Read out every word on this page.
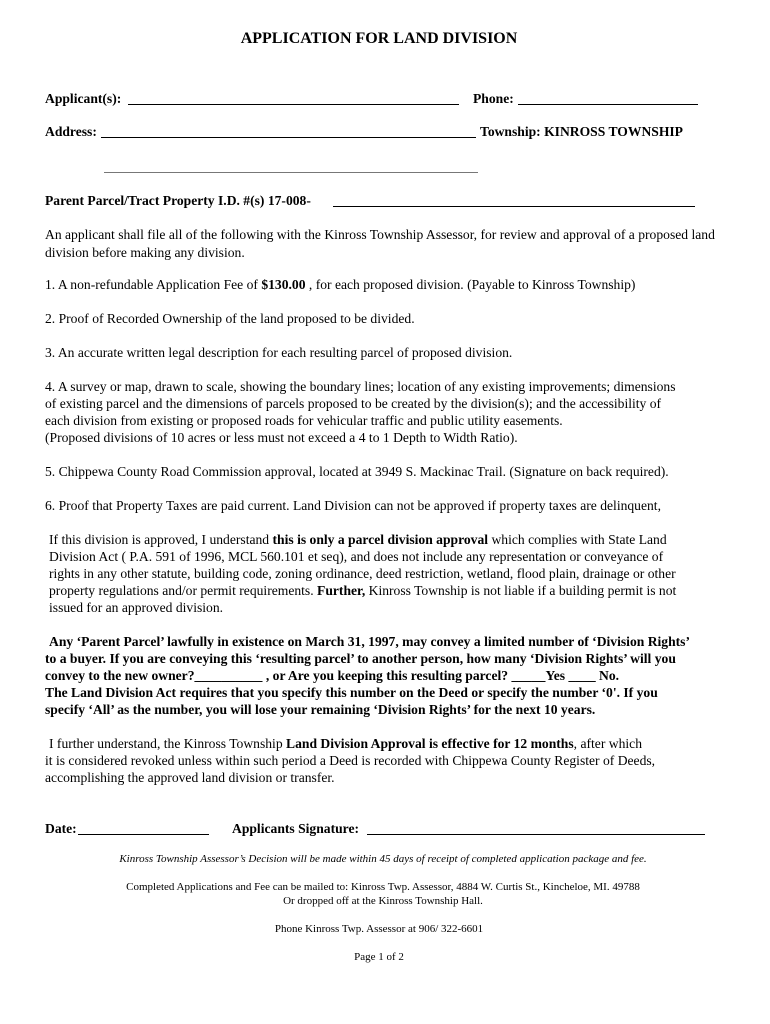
APPLICATION FOR LAND DIVISION
Applicant(s):	Phone:
Address:	Township: KINROSS TOWNSHIP
Parent Parcel/Tract Property I.D. #(s) 17-008-
An applicant shall file all of the following with the Kinross Township Assessor, for review and approval of a proposed land division before making any division.
1. A non-refundable Application Fee of $130.00 , for each proposed division. (Payable to Kinross Township)
2. Proof of Recorded Ownership of the land proposed to be divided.
3. An accurate written legal description for each resulting parcel of proposed division.
4. A survey or map, drawn to scale, showing the boundary lines; location of any existing improvements; dimensions
of existing parcel and the dimensions of parcels proposed to be created by the division(s); and the accessibility of
each division from existing or proposed roads for vehicular traffic and public utility easements.
(Proposed divisions of 10 acres or less must not exceed a 4 to 1 Depth to Width Ratio).
5. Chippewa County Road Commission approval, located at 3949 S. Mackinac Trail. (Signature on back required).
6. Proof that Property Taxes are paid current. Land Division can not be approved if property taxes are delinquent,
If this division is approved, I understand this is only a parcel division approval which complies with State Land
Division Act ( P.A. 591 of 1996, MCL 560.101 et seq), and does not include any representation or conveyance of
rights in any other statute, building code, zoning ordinance, deed restriction, wetland, flood plain, drainage or other
property regulations and/or permit requirements. Further, Kinross Township is not liable if a building permit is not
issued for an approved division.
Any ‘Parent Parcel’ lawfully in existence on March 31, 1997, may convey a limited number of ‘Division Rights’
to a buyer. If you are conveying this ‘resulting parcel’ to another person, how many ‘Division Rights’ will you
convey to the new owner?__________ , or Are you keeping this resulting parcel? _____Yes ____ No.
The Land Division Act requires that you specify this number on the Deed or specify the number ‘0'. If you
specify ‘All’ as the number, you will lose your remaining ‘Division Rights’ for the next 10 years.
I further understand, the Kinross Township Land Division Approval is effective for 12 months, after which
it is considered revoked unless within such period a Deed is recorded with Chippewa County Register of Deeds,
accomplishing the approved land division or transfer.
Date:	Applicants Signature:
Kinross Township Assessor’s Decision will be made within 45 days of receipt of completed application package and fee.
Completed Applications and Fee can be mailed to: Kinross Twp. Assessor, 4884 W. Curtis St., Kincheloe, MI. 49788
Or dropped off at the Kinross Township Hall.
Phone Kinross Twp. Assessor at 906/ 322-6601
Page 1 of 2
